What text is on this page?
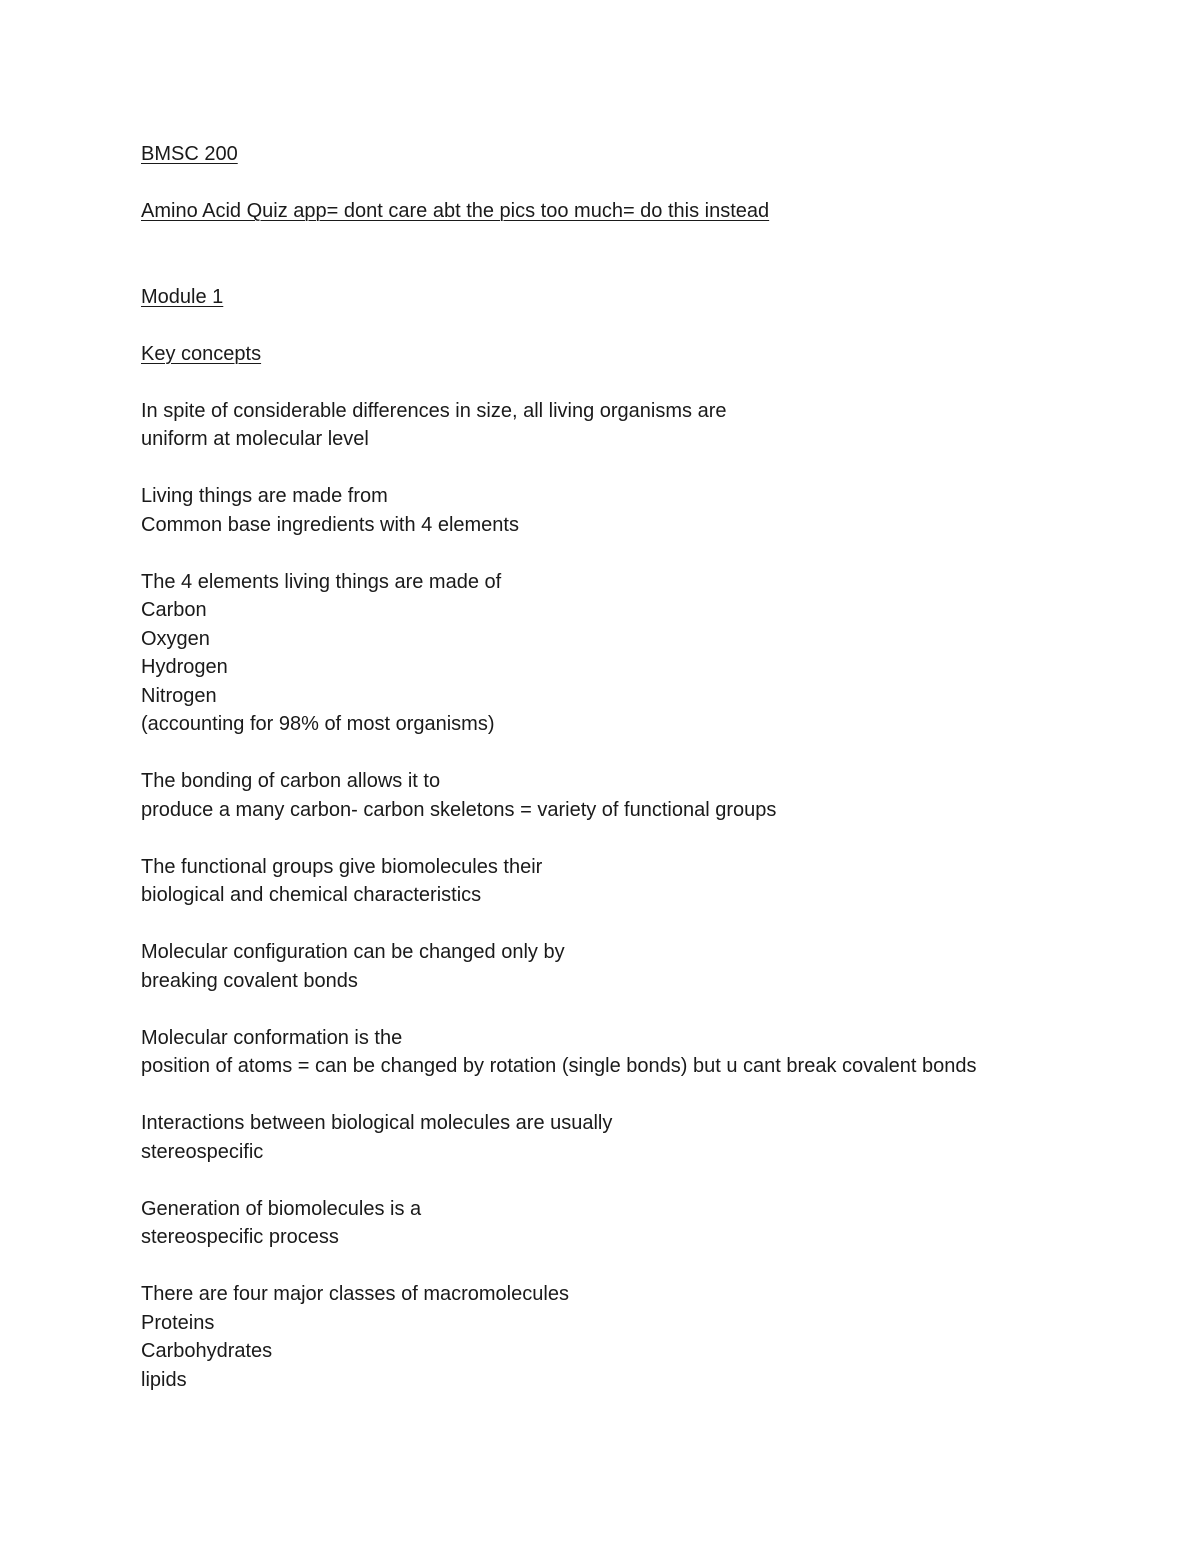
BMSC 200

Amino Acid Quiz app= dont care abt the pics too much= do this instead

Module 1

Key concepts

In spite of considerable differences in size, all living organisms are

uniform at molecular level

Living things are made from

Common base ingredients with 4 elements

The 4 elements living things are made of

Carbon

Oxygen

Hydrogen

Nitrogen

(accounting for 98% of most organisms)

The bonding of carbon allows it to

produce a many carbon- carbon skeletons = variety of functional groups

The functional groups give biomolecules their

biological and chemical characteristics

Molecular configuration can be changed only by

breaking covalent bonds

Molecular conformation is the

position of atoms = can be changed by rotation (single bonds) but u cant break covalent bonds

Interactions between biological molecules are usually

stereospecific

Generation of biomolecules is a

stereospecific process

There are four major classes of macromolecules

Proteins

Carbohydrates

lipids
